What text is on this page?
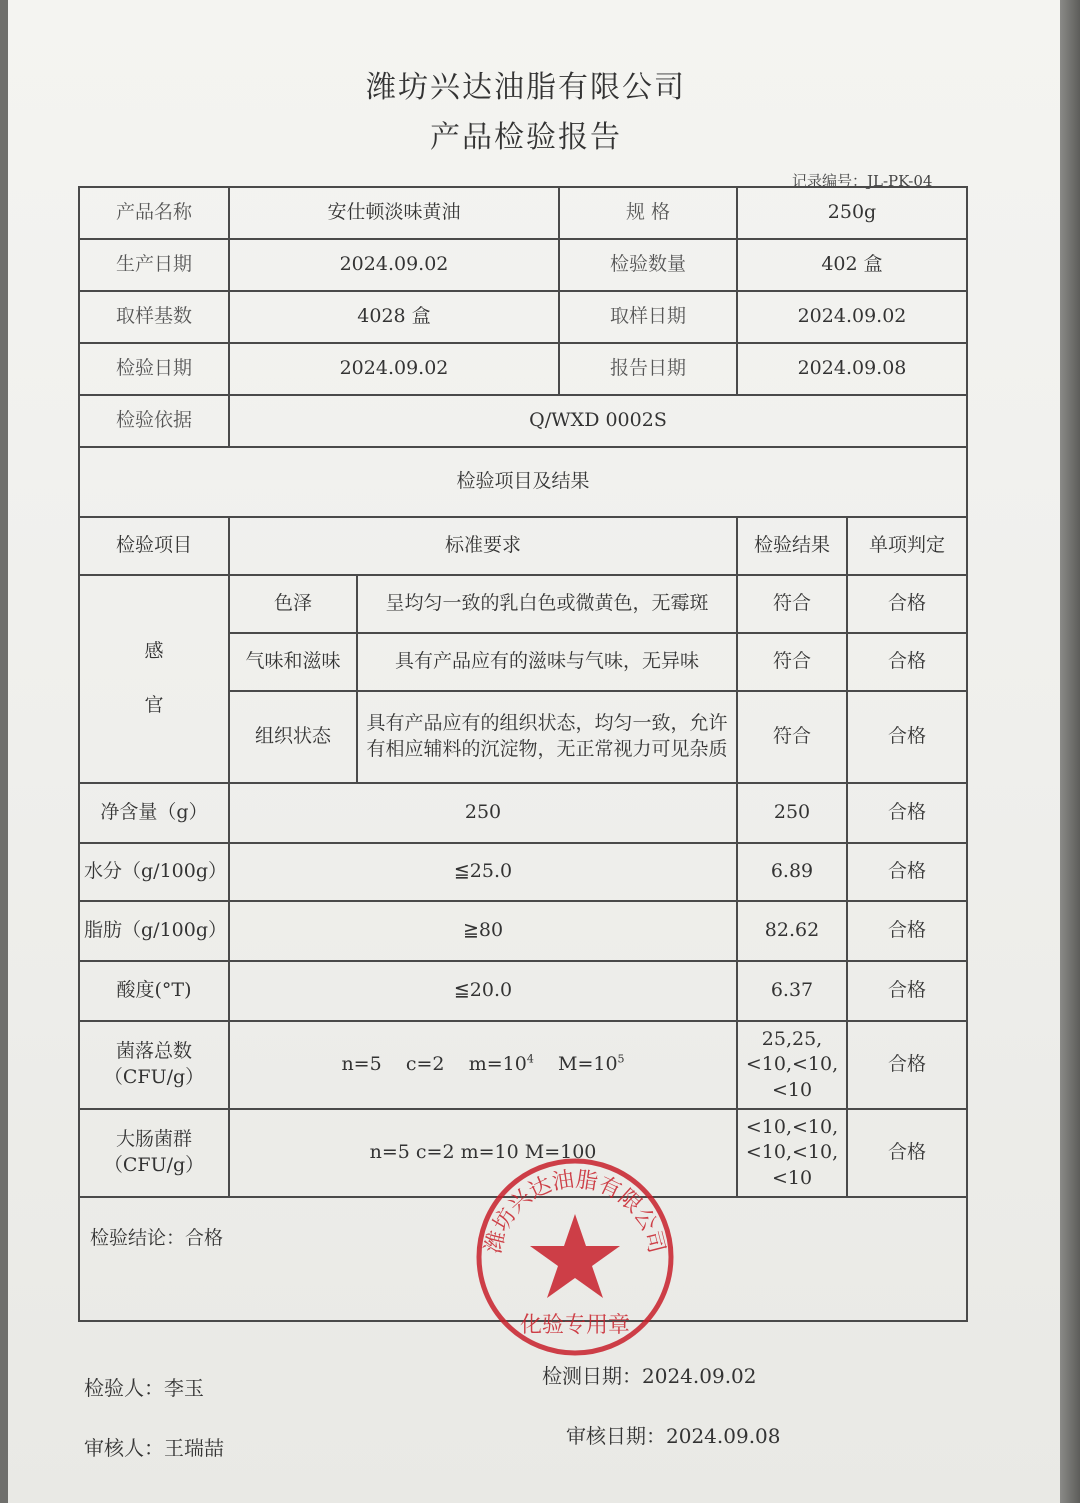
潍坊兴达油脂有限公司
产品检验报告
记录编号：JL-PK-04
产品名称	安仕顿淡味黄油		规 格	250g	
生产日期	2024.09.02		检验数量	402 盒	
取样基数	4028 盒		取样日期	2024.09.02	
检验日期	2024.09.02		报告日期	2024.09.08	
检验依据	Q/WXD 0002S				
检验项目及结果					
检验项目	标准要求			检验结果	单项判定

感
官	色泽	呈均匀一致的乳白色或微黄色，无霉斑		符合	合格
	气味和滋味	具有产品应有的滋味与气味，无异味		符合	合格
	组织状态	具有产品应有的组织状态，均匀一致，允许有相应辅料的沉淀物，无正常视力可见杂质		符合	合格
净含量（g）	250			250	合格
水分（g/100g）	≦25.0			6.89	合格
脂肪（g/100g）	≧80			82.62	合格
酸度(°T)	≦20.0			6.37	合格
菌落总数（CFU/g）	n=5 c=2 $m=10^4$ $M=10^5$			25,25,<10,<10,<10	合格
大肠菌群（CFU/g）	n=5 c=2 m=10 M=100			<10,<10,<10,<10,<10	合格
检验结论：合格						潍坊兴达油脂有限公司
化验专用章
检验人：李玉	检测日期：2024.09.02
审核人：王瑞喆	审核日期：2024.09.08
